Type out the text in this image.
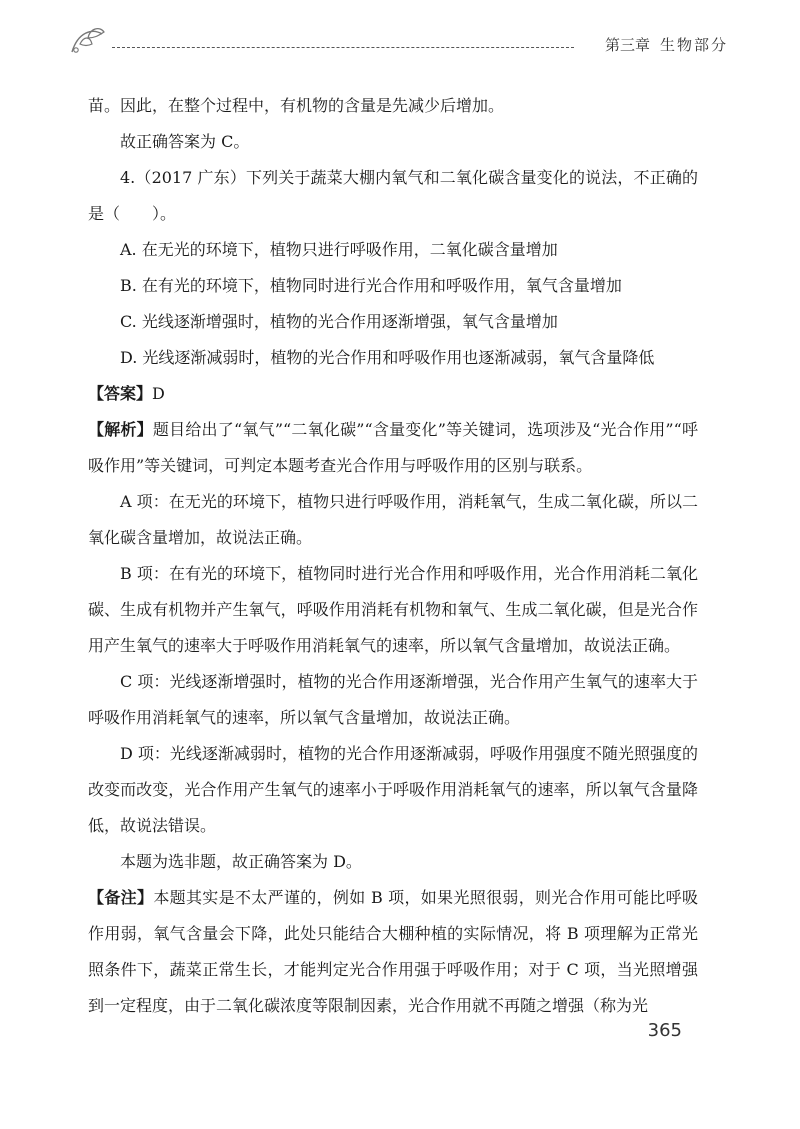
第三章 生物部分

苗。因此，在整个过程中，有机物的含量是先减少后增加。

故正确答案为 C。

4.（2017 广东）下列关于蔬菜大棚内氧气和二氧化碳含量变化的说法，不正确的是（　　）。

A. 在无光的环境下，植物只进行呼吸作用，二氧化碳含量增加

B. 在有光的环境下，植物同时进行光合作用和呼吸作用，氧气含量增加

C. 光线逐渐增强时，植物的光合作用逐渐增强，氧气含量增加

D. 光线逐渐减弱时，植物的光合作用和呼吸作用也逐渐减弱，氧气含量降低

【答案】D

【解析】题目给出了“氧气”“二氧化碳”“含量变化”等关键词，选项涉及“光合作用”“呼吸作用”等关键词，可判定本题考查光合作用与呼吸作用的区别与联系。

A 项：在无光的环境下，植物只进行呼吸作用，消耗氧气，生成二氧化碳，所以二氧化碳含量增加，故说法正确。

B 项：在有光的环境下，植物同时进行光合作用和呼吸作用，光合作用消耗二氧化碳、生成有机物并产生氧气，呼吸作用消耗有机物和氧气、生成二氧化碳，但是光合作用产生氧气的速率大于呼吸作用消耗氧气的速率，所以氧气含量增加，故说法正确。

C 项：光线逐渐增强时，植物的光合作用逐渐增强，光合作用产生氧气的速率大于呼吸作用消耗氧气的速率，所以氧气含量增加，故说法正确。

D 项：光线逐渐减弱时，植物的光合作用逐渐减弱，呼吸作用强度不随光照强度的改变而改变，光合作用产生氧气的速率小于呼吸作用消耗氧气的速率，所以氧气含量降低，故说法错误。

本题为选非题，故正确答案为 D。

【备注】本题其实是不太严谨的，例如 B 项，如果光照很弱，则光合作用可能比呼吸作用弱，氧气含量会下降，此处只能结合大棚种植的实际情况，将 B 项理解为正常光照条件下，蔬菜正常生长，才能判定光合作用强于呼吸作用；对于 C 项，当光照增强到一定程度，由于二氧化碳浓度等限制因素，光合作用就不再随之增强（称为光

365
